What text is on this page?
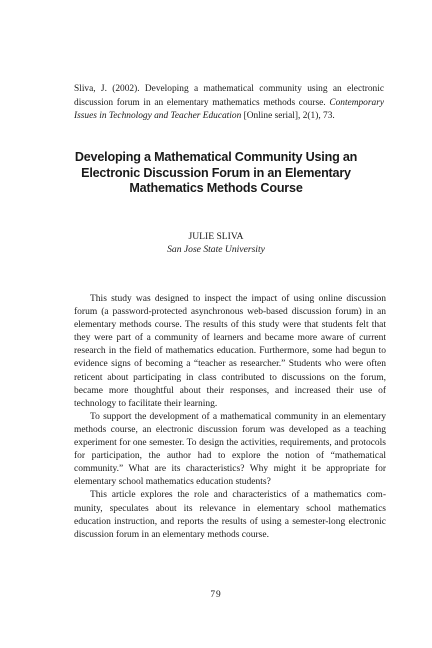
Sliva, J. (2002). Developing a mathematical community using an electronic discussion forum in an elementary mathematics methods course. Contemporary Issues in Technology and Teacher Education [Online serial], 2(1), 73.
Developing a Mathematical Community Using an Electronic Discussion Forum in an Elementary Mathematics Methods Course
JULIE SLIVA
San Jose State University

This study was designed to inspect the impact of using online discussion forum (a password-protected asynchronous web-based discussion forum) in an elementary methods course. The results of this study were that students felt that they were part of a community of learners and became more aware of current research in the field of mathematics education. Furthermore, some had begun to evidence signs of becoming a “teacher as researcher.” Students who were often reticent about participating in class contributed to discussions on the forum, became more thoughtful about their responses, and increased their use of technology to facilitate their learning.

To support the development of a mathematical community in an elementary methods course, an electronic discussion forum was developed as a teaching experiment for one semester. To design the activities, requirements, and protocols for participation, the author had to explore the notion of “mathematical community.” What are its characteristics? Why might it be appropriate for elementary school mathematics education students?

This article explores the role and characteristics of a mathematics community, speculates about its relevance in elementary school mathematics education instruction, and reports the results of using a semester-long electronic discussion forum in an elementary methods course.

79
